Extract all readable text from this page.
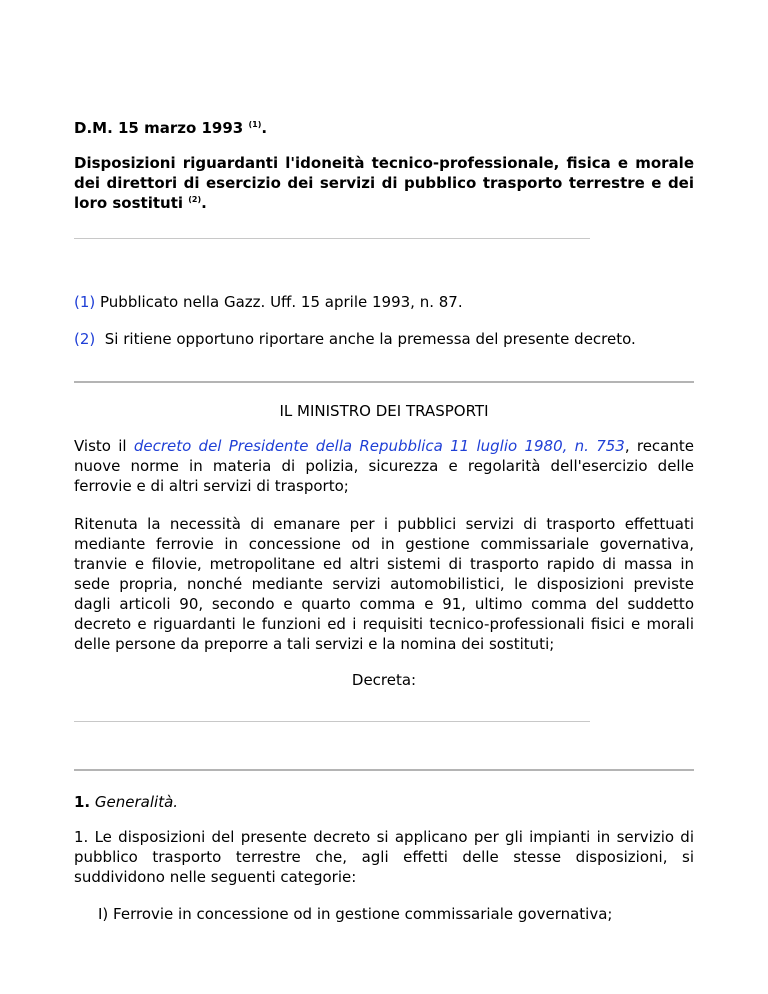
D.M. 15 marzo 1993 $^{(1)}$.
Disposizioni riguardanti l'idoneità tecnico-professionale, fisica e morale dei direttori di esercizio dei servizi di pubblico trasporto terrestre e dei loro sostituti $^{(2)}$.
(1) Pubblicato nella Gazz. Uff. 15 aprile 1993, n. 87.
(2)  Si ritiene opportuno riportare anche la premessa del presente decreto.
IL MINISTRO DEI TRASPORTI
Visto il decreto del Presidente della Repubblica 11 luglio 1980, n. 753, recante nuove norme in materia di polizia, sicurezza e regolarità dell'esercizio delle ferrovie e di altri servizi di trasporto;
Ritenuta la necessità di emanare per i pubblici servizi di trasporto effettuati mediante ferrovie in concessione od in gestione commissariale governativa, tranvie e filovie, metropolitane ed altri sistemi di trasporto rapido di massa in sede propria, nonché mediante servizi automobilistici, le disposizioni previste dagli articoli 90, secondo e quarto comma e 91, ultimo comma del suddetto decreto e riguardanti le funzioni ed i requisiti tecnico-professionali fisici e morali delle persone da preporre a tali servizi e la nomina dei sostituti;
Decreta:
1. Generalità.
1. Le disposizioni del presente decreto si applicano per gli impianti in servizio di pubblico trasporto terrestre che, agli effetti delle stesse disposizioni, si suddividono nelle seguenti categorie:
I) Ferrovie in concessione od in gestione commissariale governativa;
